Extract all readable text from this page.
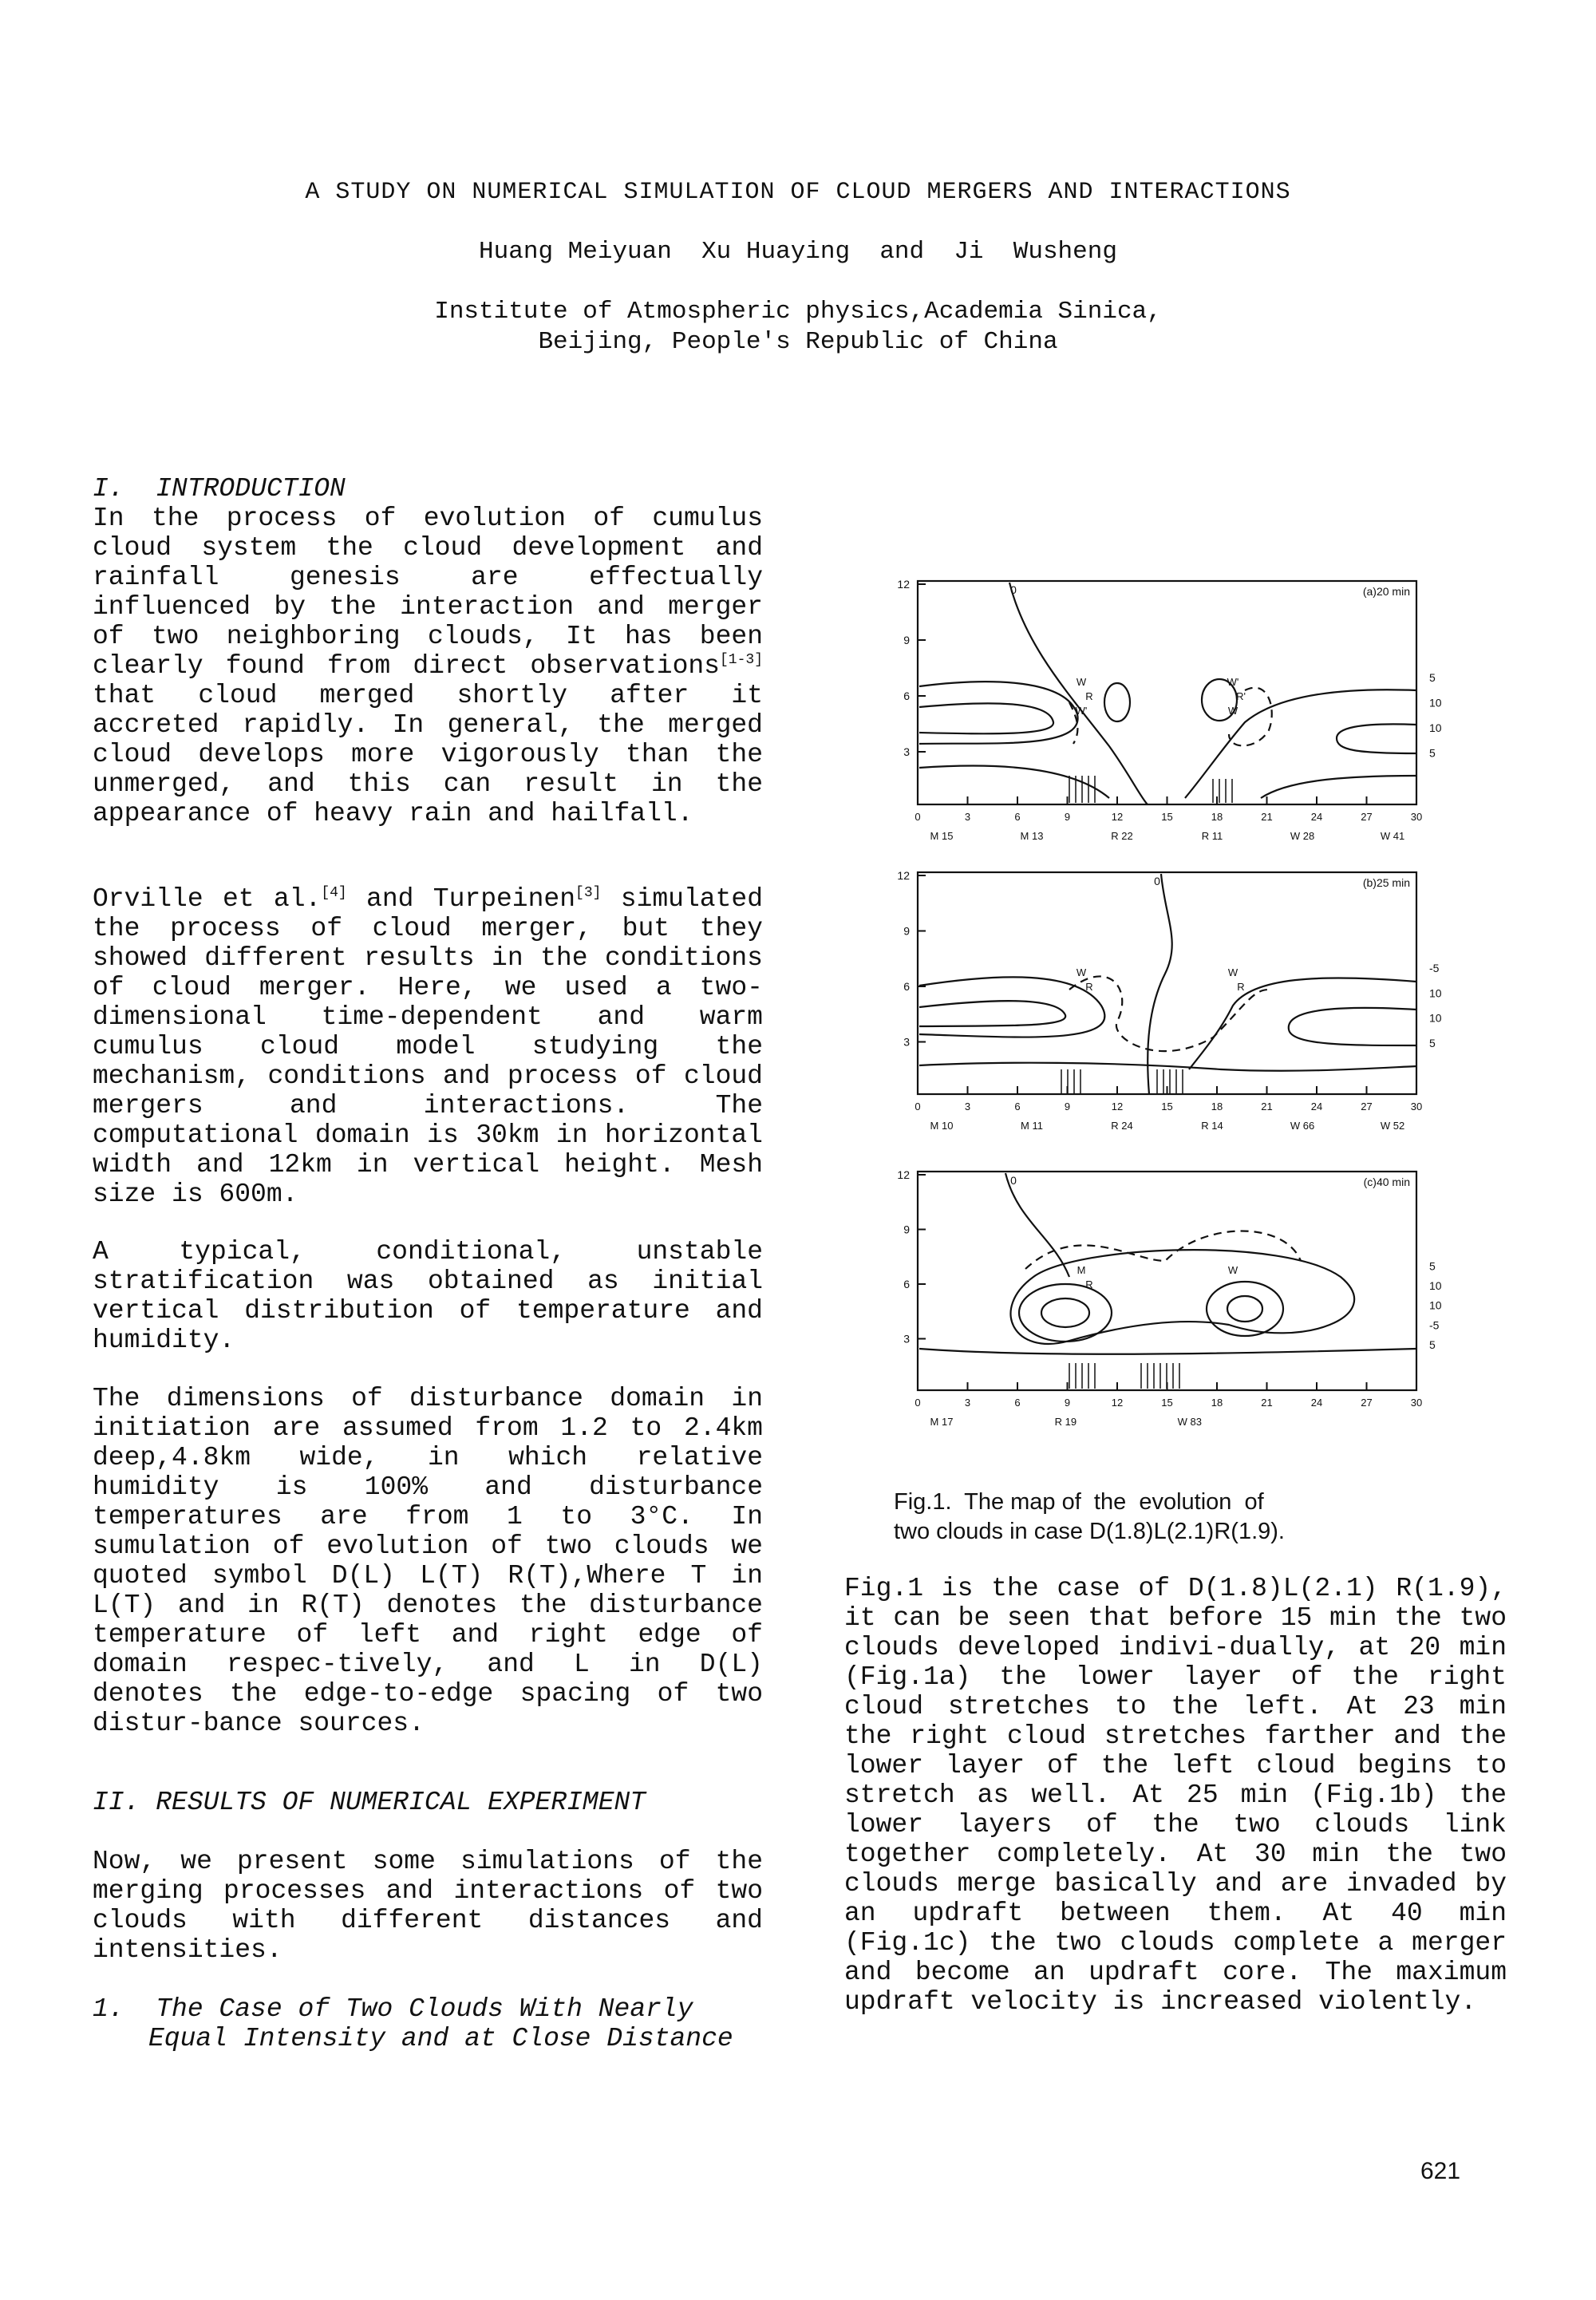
A STUDY ON NUMERICAL SIMULATION OF CLOUD MERGERS AND INTERACTIONS
Huang Meiyuan  Xu Huaying  and  Ji  Wusheng
Institute of Atmospheric physics,Academia Sinica,
Beijing, People's Republic of China

I. INTRODUCTION

In the process of evolution of cumulus cloud system the cloud development and rainfall genesis are effectually influenced by the interaction and merger of two neighboring clouds, It has been clearly found from direct observations[1-3] that cloud merged shortly after it accreted rapidly. In general, the merged cloud develops more vigorously than the unmerged, and this can result in the appearance of heavy rain and hailfall.

Orville et al.[4] and Turpeinen[3] simulated the process of cloud merger, but they showed different results in the conditions of cloud merger. Here, we used a two-dimensional time-dependent and warm cumulus cloud model studying the mechanism, conditions and process of cloud mergers and interactions. The computational domain is 30km in horizontal width and 12km in vertical height. Mesh size is 600m.

A typical, conditional, unstable stratification was obtained as initial vertical distribution of temperature and humidity.

The dimensions of disturbance domain in initiation are assumed from 1.2 to 2.4km deep,4.8km wide, in which relative humidity is 100% and disturbance temperatures are from 1 to 3°C. In sumulation of evolution of two clouds we quoted symbol D(L) L(T) R(T),Where T in L(T) and in R(T) denotes the disturbance temperature of left and right edge of domain respec-tively, and L in D(L) denotes the edge-to-edge spacing of two distur-bance sources.

II. RESULTS OF NUMERICAL EXPERIMENT

Now, we present some simulations of the merging processes and interactions of two clouds with different distances and intensities.

1. The Case of Two Clouds With Nearly Equal Intensity and at Close Distance

(a)20 min
12
9
6
3
0	3	6	9	12	15	18	21	24	27	30
M 15	M 13	R 22	R 11	W 28	W 41
0
5
10
10
5
W
R
W'
W'
R'
W
(b)25 min
12
9
6
3
0	3	6	9	12	15	18	21	24	27	30
M 10	M 11	R 24	R 14	W 66	W 52
0
-5
10
10
5
W
R
W
R
(c)40 min
12
9
6
3
0	3	6	9	12	15	18	21	24	27	30
M 17	R 19	W 83
0
5
10
10
-5
5
M
R
W
Fig.1.  The map of  the  evolution  of
two clouds in case D(1.8)L(2.1)R(1.9).

Fig.1 is the case of D(1.8)L(2.1) R(1.9), it can be seen that before 15 min the two clouds developed indivi-dually, at 20 min (Fig.1a) the lower layer of the right cloud stretches to the left. At 23 min the right cloud stretches farther and the lower layer of the left cloud begins to stretch as well. At 25 min (Fig.1b) the lower layers of the two clouds link together completely. At 30 min the two clouds merge basically and are invaded by an updraft between them. At 40 min (Fig.1c) the two clouds complete a merger and become an updraft core. The maximum updraft velocity is increased violently.

621
